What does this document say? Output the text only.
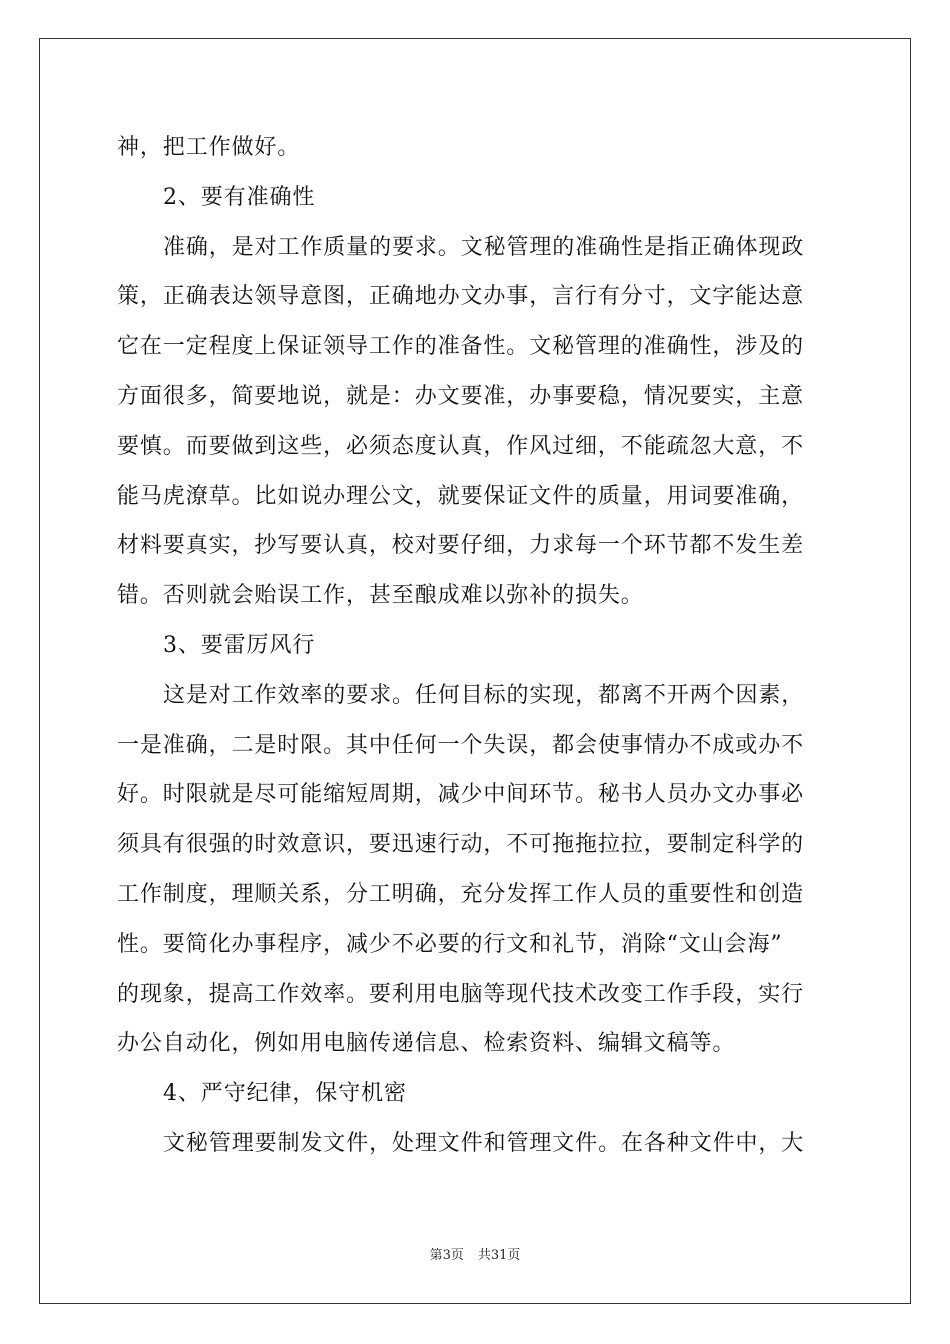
神，把工作做好。
2、要有准确性
准确，是对工作质量的要求。文秘管理的准确性是指正确体现政
策，正确表达领导意图，正确地办文办事，言行有分寸，文字能达意
它在一定程度上保证领导工作的准备性。文秘管理的准确性，涉及的
方面很多，简要地说，就是：办文要准，办事要稳，情况要实，主意
要慎。而要做到这些，必须态度认真，作风过细，不能疏忽大意，不
能马虎潦草。比如说办理公文，就要保证文件的质量，用词要准确，
材料要真实，抄写要认真，校对要仔细，力求每一个环节都不发生差
错。否则就会贻误工作，甚至酿成难以弥补的损失。
3、要雷厉风行
这是对工作效率的要求。任何目标的实现，都离不开两个因素，
一是准确，二是时限。其中任何一个失误，都会使事情办不成或办不
好。时限就是尽可能缩短周期，减少中间环节。秘书人员办文办事必
须具有很强的时效意识，要迅速行动，不可拖拖拉拉，要制定科学的
工作制度，理顺关系，分工明确，充分发挥工作人员的重要性和创造
性。要简化办事程序，减少不必要的行文和礼节，消除“文山会海”
的现象，提高工作效率。要利用电脑等现代技术改变工作手段，实行
办公自动化，例如用电脑传递信息、检索资料、编辑文稿等。
4、严守纪律，保守机密
文秘管理要制发文件，处理文件和管理文件。在各种文件中，大
第3页 共31页
